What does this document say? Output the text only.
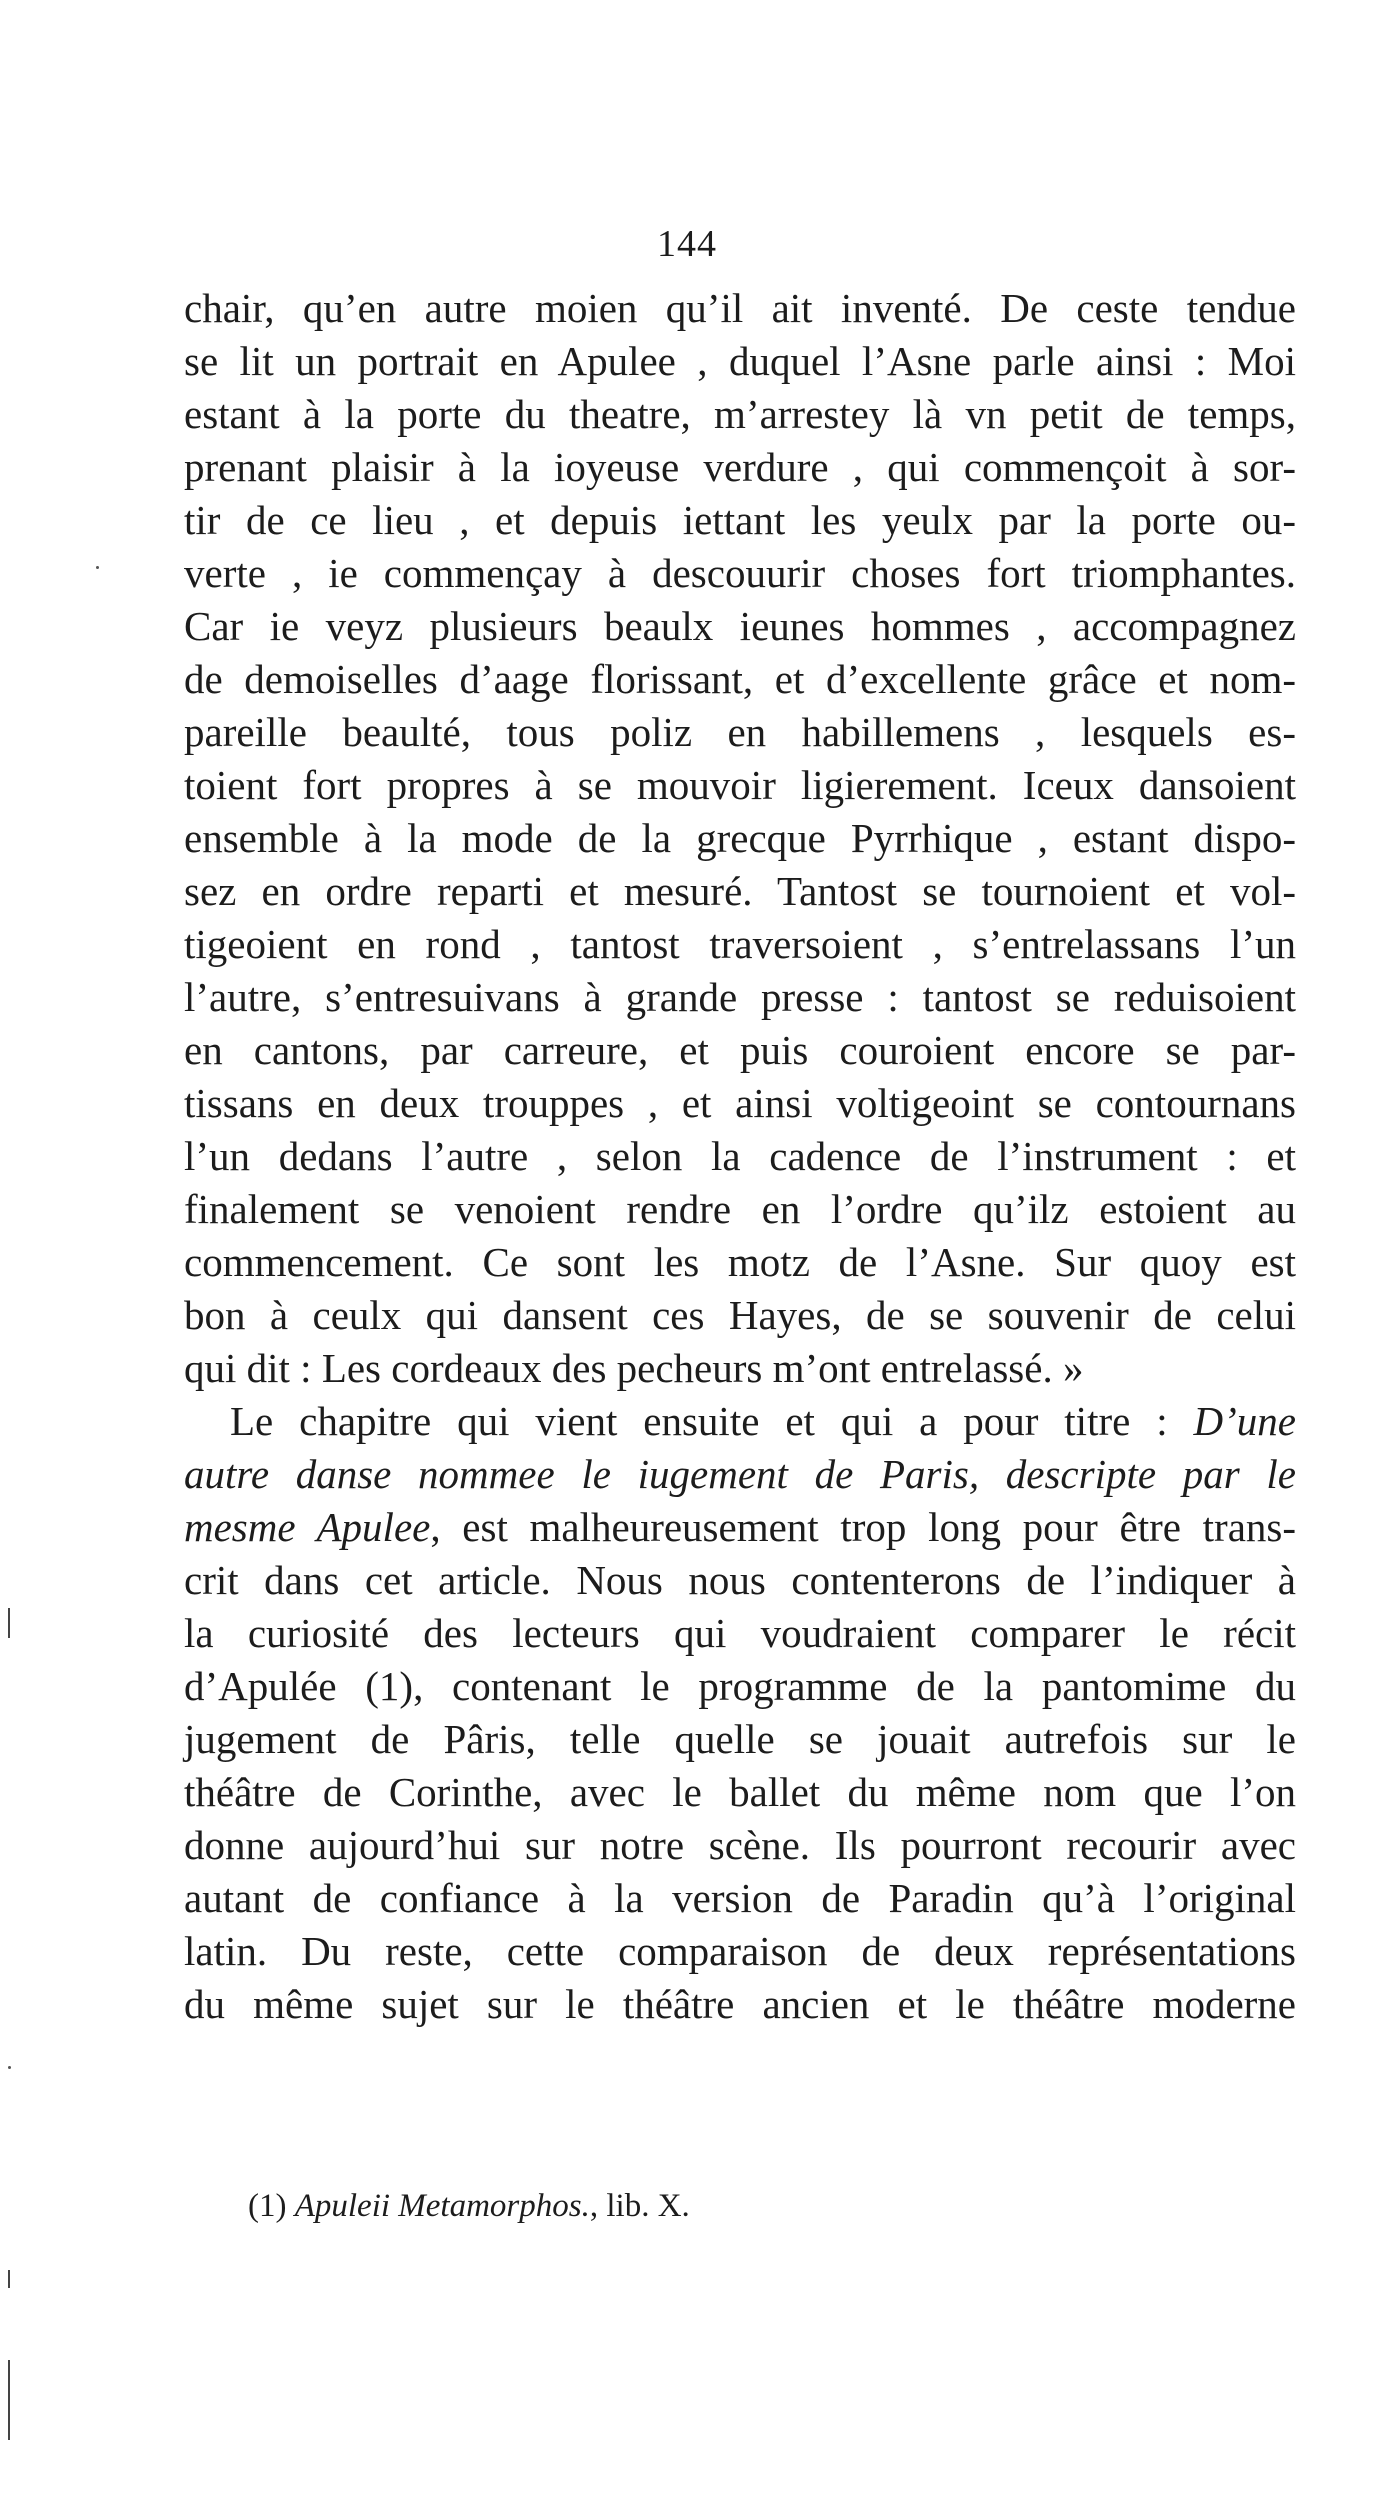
144
chair, qu’en autre moien qu’il ait inventé. De ceste tendue
se lit un portrait en Apulee , duquel l’Asne parle ainsi : Moi
estant à la porte du theatre, m’arrestey là vn petit de temps,
prenant plaisir à la ioyeuse verdure , qui commençoit à sor-
tir de ce lieu , et depuis iettant les yeulx par la porte ou-
verte , ie commençay à descouurir choses fort triomphantes.
Car ie veyz plusieurs beaulx ieunes hommes , accompagnez
de demoiselles d’aage florissant, et d’excellente grâce et nom-
pareille beaulté, tous poliz en habillemens , lesquels es-
toient fort propres à se mouvoir ligierement. Iceux dansoient
ensemble à la mode de la grecque Pyrrhique , estant dispo-
sez en ordre reparti et mesuré. Tantost se tournoient et vol-
tigeoient en rond , tantost traversoient , s’entrelassans l’un
l’autre, s’entresuivans à grande presse : tantost se reduisoient
en cantons, par carreure, et puis couroient encore se par-
tissans en deux trouppes , et ainsi voltigeoint se contournans
l’un dedans l’autre , selon la cadence de l’instrument : et
finalement se venoient rendre en l’ordre qu’ilz estoient au
commencement. Ce sont les motz de l’Asne. Sur quoy est
bon à ceulx qui dansent ces Hayes, de se souvenir de celui
qui dit : Les cordeaux des pecheurs m’ont entrelassé. »
Le chapitre qui vient ensuite et qui a pour titre : D’une
autre danse nommee le iugement de Paris, descripte par le
mesme Apulee, est malheureusement trop long pour être trans-
crit dans cet article. Nous nous contenterons de l’indiquer à
la curiosité des lecteurs qui voudraient comparer le récit
d’Apulée (1), contenant le programme de la pantomime du
jugement de Pâris, telle quelle se jouait autrefois sur le
théâtre de Corinthe, avec le ballet du même nom que l’on
donne aujourd’hui sur notre scène. Ils pourront recourir avec
autant de confiance à la version de Paradin qu’à l’original
latin. Du reste, cette comparaison de deux représentations
du même sujet sur le théâtre ancien et le théâtre moderne
(1) Apuleii Metamorphos., lib. X.
